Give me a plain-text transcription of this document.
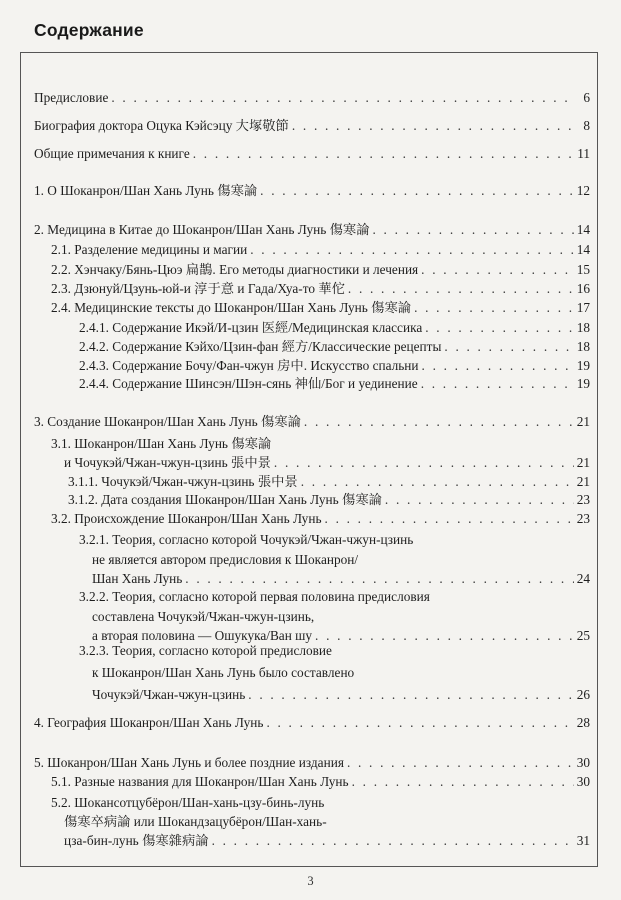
Содержание
Предисловие . . .	6
Биография доктора Оцука Кэйсэцу 大塚敬節 . . .	8
Общие примечания к книге . . .	11
1. О Шоканрон/Шан Хань Лунь 傷寒論 . . .	12
2. Медицина в Китае до Шоканрон/Шан Хань Лунь 傷寒論 . . .	14
2.1. Разделение медицины и магии . . .	14
2.2. Хэнчаку/Бянь-Цюэ 扁鵲. Его методы диагностики и лечения . . .	15
2.3. Дзюнуй/Цзунь-юй-и 淳于意 и Гада/Хуа-то 華佗 . . .	16
2.4. Медицинские тексты до Шоканрон/Шан Хань Лунь 傷寒論 . . .	17
2.4.1. Содержание Икэй/И-цзин 医經/Медицинская классика . . .	18
2.4.2. Содержание Кэйхо/Цзин-фан 經方/Классические рецепты . . .	18
2.4.3. Содержание Бочу/Фан-чжун 房中. Искусство спальни . . .	19
2.4.4. Содержание Шинсэн/Шэн-сянь 神仙/Бог и уединение . . .	19
3. Создание Шоканрон/Шан Хань Лунь 傷寒論 . . .	21
3.1. Шоканрон/Шан Хань Лунь 傷寒論
и Чочукэй/Чжан-чжун-цзинь 張中景 . . .	21
3.1.1. Чочукэй/Чжан-чжун-цзинь 張中景 . . .	21
3.1.2. Дата создания Шоканрон/Шан Хань Лунь 傷寒論 . . .	23
3.2. Происхождение Шоканрон/Шан Хань Лунь . . .	23
3.2.1. Теория, согласно которой Чочукэй/Чжан-чжун-цзинь
не является автором предисловия к Шоканрон/
Шан Хань Лунь . . .	24
3.2.2. Теория, согласно которой первая половина предисловия
составлена Чочукэй/Чжан-чжун-цзинь,
а вторая половина — Ошукука/Ван шу . . .	25
3.2.3. Теория, согласно которой предисловие
к Шоканрон/Шан Хань Лунь было составлено
Чочукэй/Чжан-чжун-цзинь . . .	26
4. География Шоканрон/Шан Хань Лунь . . .	28
5. Шоканрон/Шан Хань Лунь и более поздние издания . . .	30
5.1. Разные названия для Шоканрон/Шан Хань Лунь . . .	30
5.2. Шокансотцубёрон/Шан-хань-цзу-бинь-лунь
傷寒卒病論 или Шокандзацубёрон/Шан-хань-
цза-бин-лунь 傷寒雜病論 . . .	31
3
